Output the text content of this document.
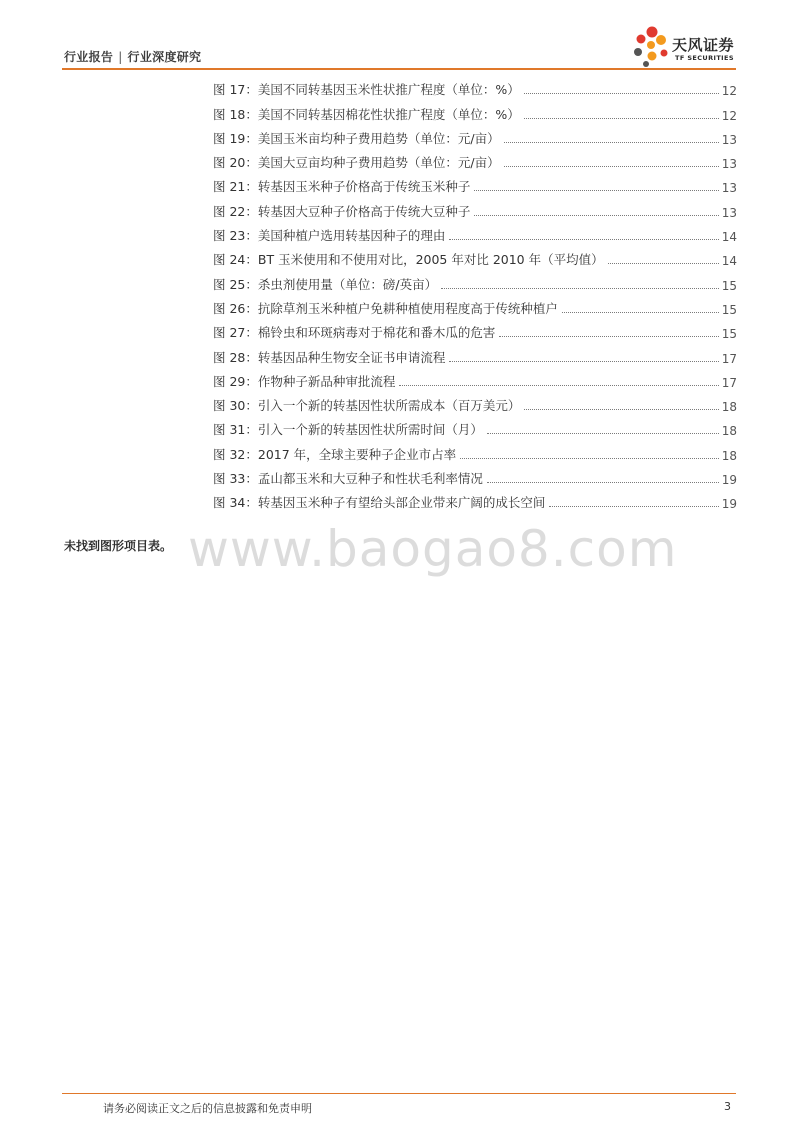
行业报告 | 行业深度研究
天风证券
TF SECURITIES
图 17：美国不同转基因玉米性状推广程度（单位：%）	12
图 18：美国不同转基因棉花性状推广程度（单位：%）	12
图 19：美国玉米亩均种子费用趋势（单位：元/亩）	13
图 20：美国大豆亩均种子费用趋势（单位：元/亩）	13
图 21：转基因玉米种子价格高于传统玉米种子	13
图 22：转基因大豆种子价格高于传统大豆种子	13
图 23：美国种植户选用转基因种子的理由	14
图 24：BT 玉米使用和不使用对比，2005 年对比 2010 年（平均值）	14
图 25：杀虫剂使用量（单位：磅/英亩）	15
图 26：抗除草剂玉米种植户免耕种植使用程度高于传统种植户	15
图 27：棉铃虫和环斑病毒对于棉花和番木瓜的危害	15
图 28：转基因品种生物安全证书申请流程	17
图 29：作物种子新品种审批流程	17
图 30：引入一个新的转基因性状所需成本（百万美元）	18
图 31：引入一个新的转基因性状所需时间（月）	18
图 32：2017 年，全球主要种子企业市占率	18
图 33：孟山都玉米和大豆种子和性状毛利率情况	19
图 34：转基因玉米种子有望给头部企业带来广阔的成长空间	19
www.baogao8.com
未找到图形项目表。
请务必阅读正文之后的信息披露和免责申明	3
